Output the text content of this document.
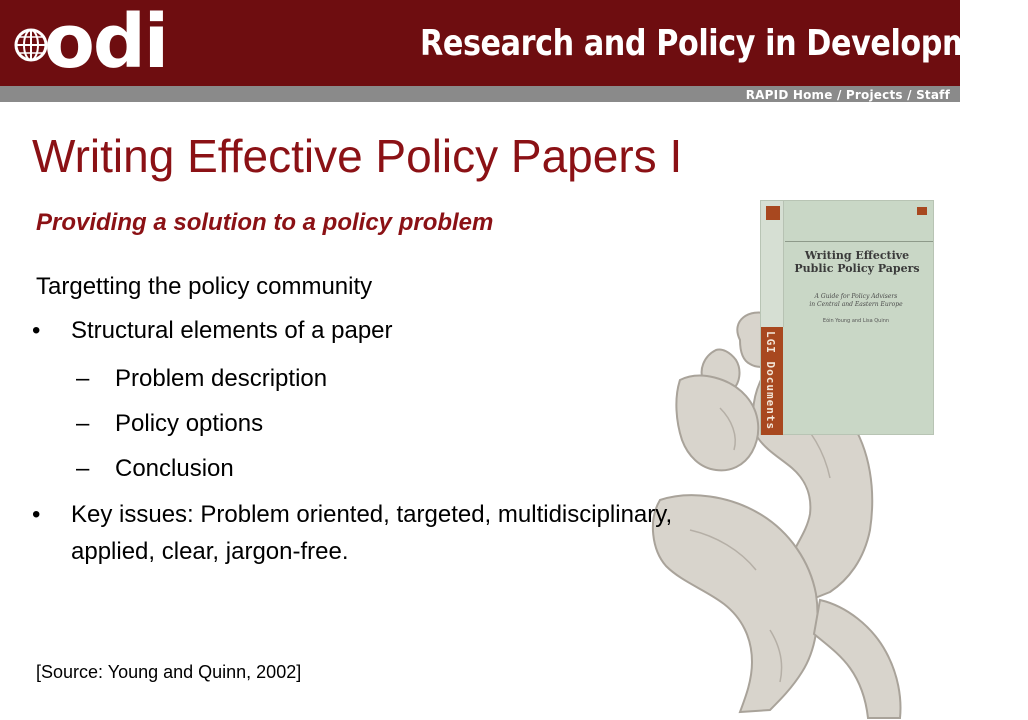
odi	Research and Policy in Development
RAPID Home / Projects / Staff
Writing Effective
Public Policy Papers
A Guide for Policy Advisers
in Central and Eastern Europe
Eóin Young and Lisa Quinn
LGI Documents
Writing Effective Policy Papers I
Providing a solution to a policy problem
Targetting the policy community
• Structural elements of a paper
– Problem description
– Policy options
– Conclusion
• Key issues: Problem oriented, targeted, multidisciplinary,
applied, clear, jargon-free.
[Source: Young and Quinn, 2002]
